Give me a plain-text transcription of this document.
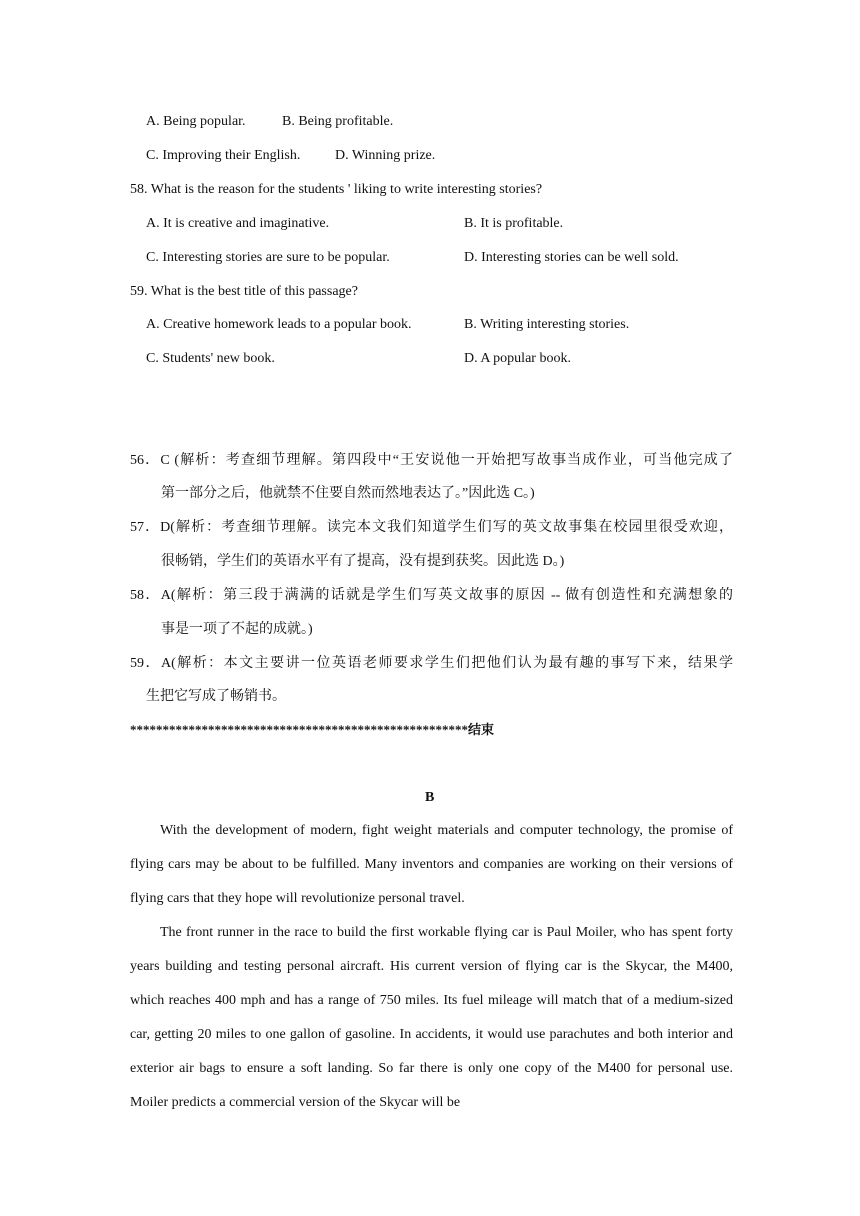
A. Being popular.	B. Being profitable.
C. Improving their English. D. Winning prize.
58. What is the reason for the students ' liking to write interesting stories?
A. It is creative and imaginative.	B. It is profitable.
C. Interesting stories are sure to be popular.	D. Interesting stories can be well sold.
59. What is the best title of this passage?
A. Creative homework leads to a popular book.	B. Writing interesting stories.
C. Students' new book.	D. A popular book.
56．C (解析：考查细节理解。第四段中“王安说他一开始把写故事当成作业，可当他完成了
第一部分之后，他就禁不住要自然而然地表达了。”因此选 C。)
57．D(解析：考查细节理解。读完本文我们知道学生们写的英文故事集在校园里很受欢迎，
很畅销，学生们的英语水平有了提高，没有提到获奖。因此选 D。)
58．A(解析：第三段于满满的话就是学生们写英文故事的原因 -- 做有创造性和充满想象的
事是一项了不起的成就。)
59．A(解析：本文主要讲一位英语老师要求学生们把他们认为最有趣的事写下来，结果学
生把它写成了畅销书。
****************************************************结束
B
With the development of modern, fight weight materials and computer technology, the promise of flying cars may be about to be fulfilled. Many inventors and companies are working on their versions of flying cars that they hope will revolutionize personal travel.
The front runner in the race to build the first workable flying car is Paul Moiler, who has spent forty years building and testing personal aircraft. His current version of flying car is the Skycar, the M400, which reaches 400 mph and has a range of 750 miles. Its fuel mileage will match that of a medium-sized car, getting 20 miles to one gallon of gasoline. In accidents, it would use parachutes and both interior and exterior air bags to ensure a soft landing. So far there is only one copy of the M400 for personal use. Moiler predicts a commercial version of the Skycar will be
